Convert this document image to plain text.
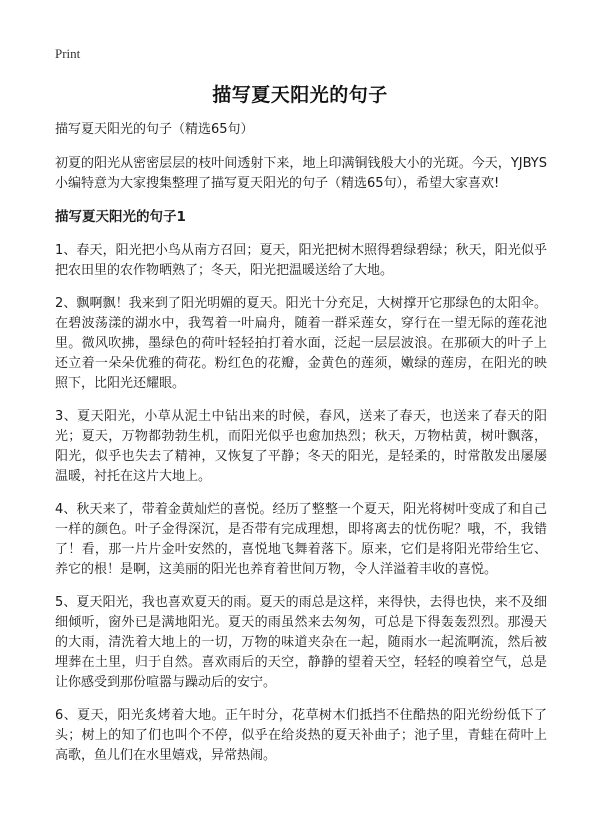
Print
描写夏天阳光的句子

描写夏天阳光的句子（精选65句）

初夏的阳光从密密层层的枝叶间透射下来，地上印满铜钱般大小的光斑。今天，YJBYS小编特意为大家搜集整理了描写夏天阳光的句子（精选65句），希望大家喜欢!

描写夏天阳光的句子1

1、春天，阳光把小鸟从南方召回；夏天，阳光把树木照得碧绿碧绿；秋天，阳光似乎把农田里的农作物晒熟了；冬天，阳光把温暖送给了大地。

2、飘啊飘！我来到了阳光明媚的夏天。阳光十分充足，大树撑开它那绿色的太阳伞。在碧波荡漾的湖水中，我驾着一叶扁舟，随着一群采莲女，穿行在一望无际的莲花池里。微风吹拂，墨绿色的荷叶轻轻拍打着水面，泛起一层层波浪。在那硕大的叶子上还立着一朵朵优雅的荷花。粉红色的花瓣，金黄色的莲须，嫩绿的莲房，在阳光的映照下，比阳光还耀眼。

3、夏天阳光，小草从泥土中钻出来的时候，春风，送来了春天，也送来了春天的阳光；夏天，万物都勃勃生机，而阳光似乎也愈加热烈；秋天，万物枯黄，树叶飘落，阳光，似乎也失去了精神，又恢复了平静；冬天的阳光，是轻柔的，时常散发出屡屡温暖，衬托在这片大地上。

4、秋天来了，带着金黄灿烂的喜悦。经历了整整一个夏天，阳光将树叶变成了和自己一样的颜色。叶子金得深沉，是否带有完成理想，即将离去的忧伤呢？哦，不，我错了！看，那一片片金叶安然的，喜悦地飞舞着落下。原来，它们是将阳光带给生它、养它的根！是啊，这美丽的阳光也养育着世间万物，令人洋溢着丰收的喜悦。

5、夏天阳光，我也喜欢夏天的雨。夏天的雨总是这样，来得快，去得也快，来不及细细倾听，窗外已是满地阳光。夏天的雨虽然来去匆匆，可总是下得轰轰烈烈。那漫天的大雨，清洗着大地上的一切，万物的味道夹杂在一起，随雨水一起流啊流，然后被埋葬在土里，归于自然。喜欢雨后的天空，静静的望着天空，轻轻的嗅着空气，总是让你感受到那份喧嚣与躁动后的安宁。

6、夏天，阳光炙烤着大地。正午时分，花草树木们抵挡不住酷热的阳光纷纷低下了头；树上的知了们也叫个不停，似乎在给炎热的夏天补曲子；池子里，青蛙在荷叶上高歌，鱼儿们在水里嬉戏，异常热闹。
